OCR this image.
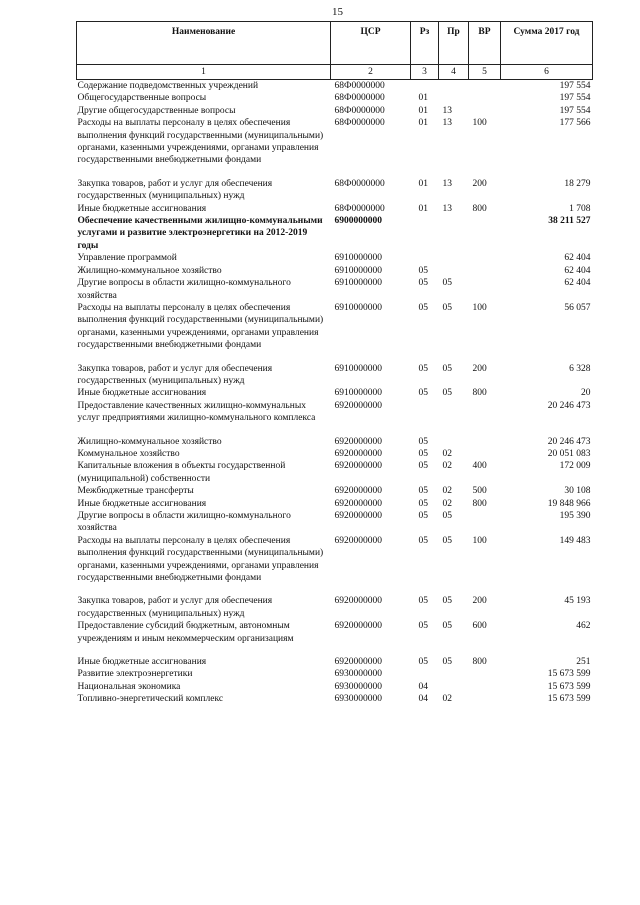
15
Наименование	ЦСР	Рз	Пр	ВР	Сумма 2017 год
1	2	3	4	5	6
Содержание подведомственных учреждений	68Ф0000000				197 554
Общегосударственные вопросы	68Ф0000000	01			197 554
Другие общегосударственные вопросы	68Ф0000000	01	13		197 554
Расходы на выплаты персоналу в целях обеспечения выполнения функций государственными (муниципальными) органами, казенными учреждениями, органами управления государственными внебюджетными фондами	68Ф0000000	01	13	100	177 566
Закупка товаров, работ и услуг для обеспечения государственных (муниципальных) нужд	68Ф0000000	01	13	200	18 279
Иные бюджетные ассигнования	68Ф0000000	01	13	800	1 708
Обеспечение качественными жилищно-коммунальными услугами и развитие электроэнергетики на 2012-2019 годы	6900000000				38 211 527
Управление программой	6910000000				62 404
Жилищно-коммунальное хозяйство	6910000000	05			62 404
Другие вопросы в области жилищно-коммунального хозяйства	6910000000	05	05		62 404
Расходы на выплаты персоналу в целях обеспечения выполнения функций государственными (муниципальными) органами, казенными учреждениями, органами управления государственными внебюджетными фондами	6910000000	05	05	100	56 057
Закупка товаров, работ и услуг для обеспечения государственных (муниципальных) нужд	6910000000	05	05	200	6 328
Иные бюджетные ассигнования	6910000000	05	05	800	20
Предоставление качественных жилищно-коммунальных услуг предприятиями жилищно-коммунального комплекса	6920000000				20 246 473
Жилищно-коммунальное хозяйство	6920000000	05			20 246 473
Коммунальное хозяйство	6920000000	05	02		20 051 083
Капитальные вложения в объекты государственной (муниципальной) собственности	6920000000	05	02	400	172 009
Межбюджетные трансферты	6920000000	05	02	500	30 108
Иные бюджетные ассигнования	6920000000	05	02	800	19 848 966
Другие вопросы в области жилищно-коммунального хозяйства	6920000000	05	05		195 390
Расходы на выплаты персоналу в целях обеспечения выполнения функций государственными (муниципальными) органами, казенными учреждениями, органами управления государственными внебюджетными фондами	6920000000	05	05	100	149 483
Закупка товаров, работ и услуг для обеспечения государственных (муниципальных) нужд	6920000000	05	05	200	45 193
Предоставление субсидий бюджетным, автономным учреждениям и иным некоммерческим организациям	6920000000	05	05	600	462
Иные бюджетные ассигнования	6920000000	05	05	800	251
Развитие электроэнергетики	6930000000				15 673 599
Национальная экономика	6930000000	04			15 673 599
Топливно-энергетический комплекс	6930000000	04	02		15 673 599
